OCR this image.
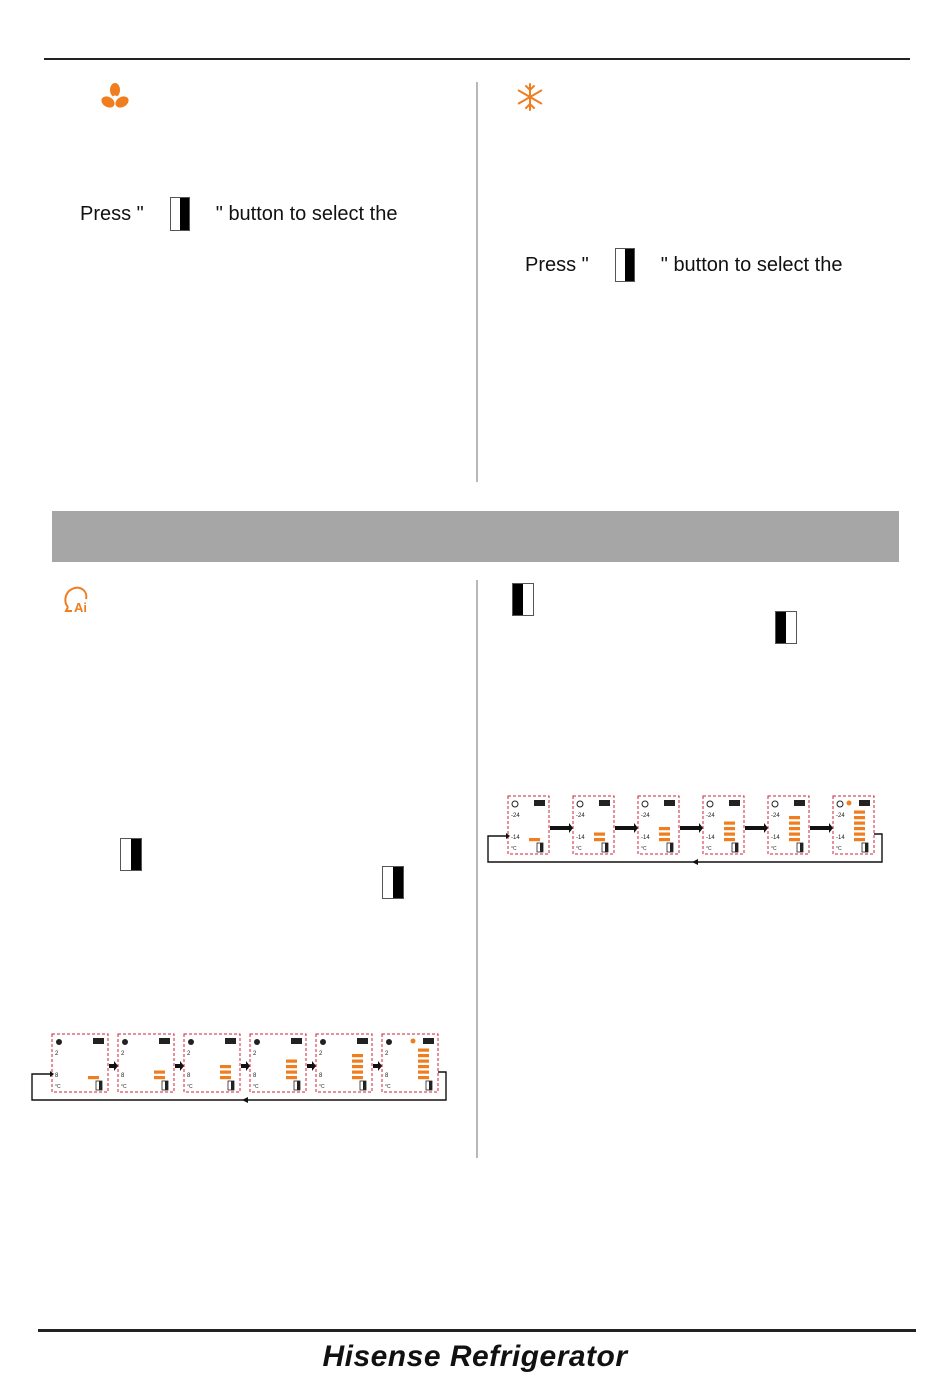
Press "	" button to select the
Press "	" button to select the
Ai

-24
-14
°C
-24
-14
°C
-24
-14
°C
-24
-14
°C
-24
-14
°C
-24
-14
°C
2
8
°C
2
8
°C
2
8
°C
2
8
°C
2
8
°C
2
8
°C
Hisense Refrigerator
